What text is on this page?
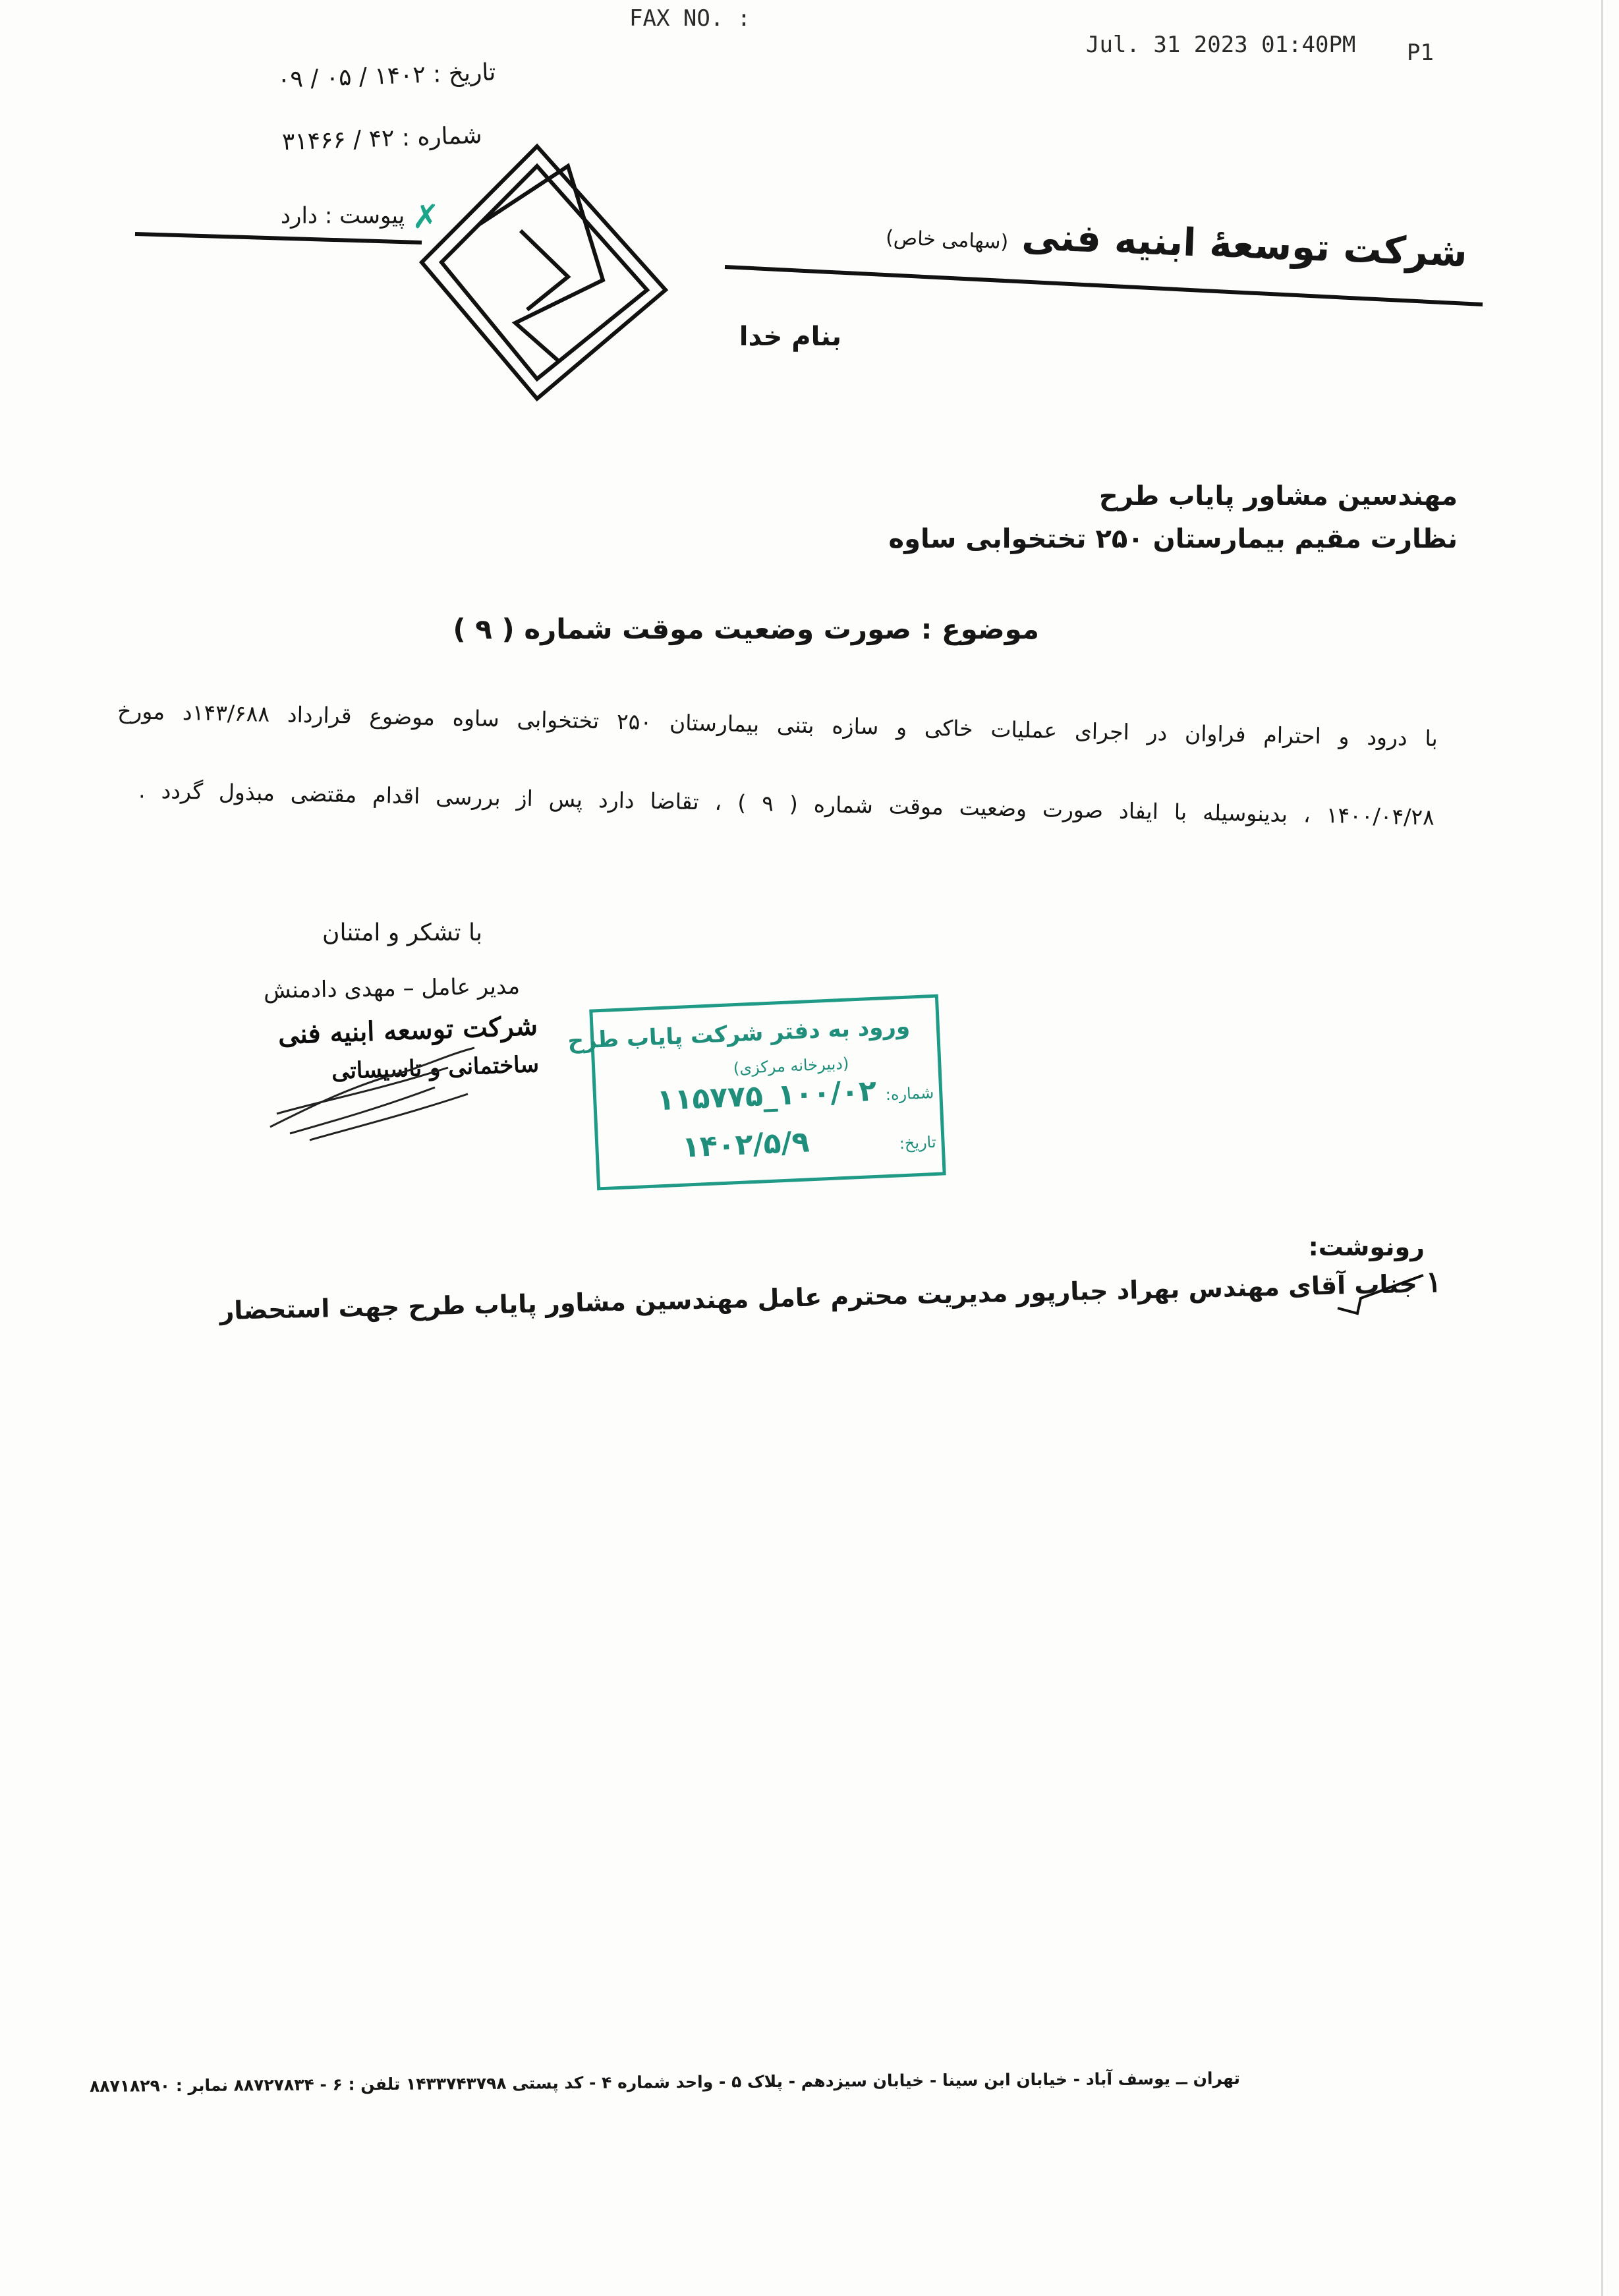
FAX NO. :
Jul. 31 2023 01:40PM P1
تاریخ : ۱۴۰۲ / ۰۵ / ۰۹
شماره : ۴۲ / ۳۱۴۶۶
✗ پیوست : دارد	شرکت توسعهٔ ابنیه فنی (سهامی خاص)
بنام خدا
مهندسین مشاور پایاب طرح
نظارت مقیم بیمارستان ۲۵۰ تختخوابی ساوه
موضوع : صورت وضعیت موقت شماره ( ۹ )
با درود و احترام فراوان در اجرای عملیات خاکی و سازه بتنی بیمارستان ۲۵۰ تختخوابی ساوه موضوع قرارداد ۱۴۳/۶۸۸د مورخ
۱۴۰۰/۰۴/۲۸ ، بدینوسیله با ایفاد صورت وضعیت موقت شماره ( ۹ ) ، تقاضا دارد پس از بررسی اقدام مقتضی مبذول گردد .
با تشکر و امتنان
مدیر عامل – مهدی دادمنش
شرکت توسعه ابنیه فنی
ساختمانی و تاسیساتی
ورود به دفتر شرکت پایاب طرح
(دبیرخانه مرکزی)
شماره:
۱۰۰/۰۲_۱۱۵۷۷۵
تاریخ:
۱۴۰۲/۵/۹
رونوشت:
۱ جناب آقای مهندس بهراد جبارپور مدیریت محترم عامل مهندسین مشاور پایاب طرح جهت استحضار
تهران ــ یوسف آباد - خیابان ابن سینا - خیابان سیزدهم - پلاک ۵ - واحد شماره ۴ - کد پستی ۱۴۳۳۷۴۳۷۹۸ تلفن : ۶ - ۸۸۷۲۷۸۳۴ نمابر : ۸۸۷۱۸۲۹۰
